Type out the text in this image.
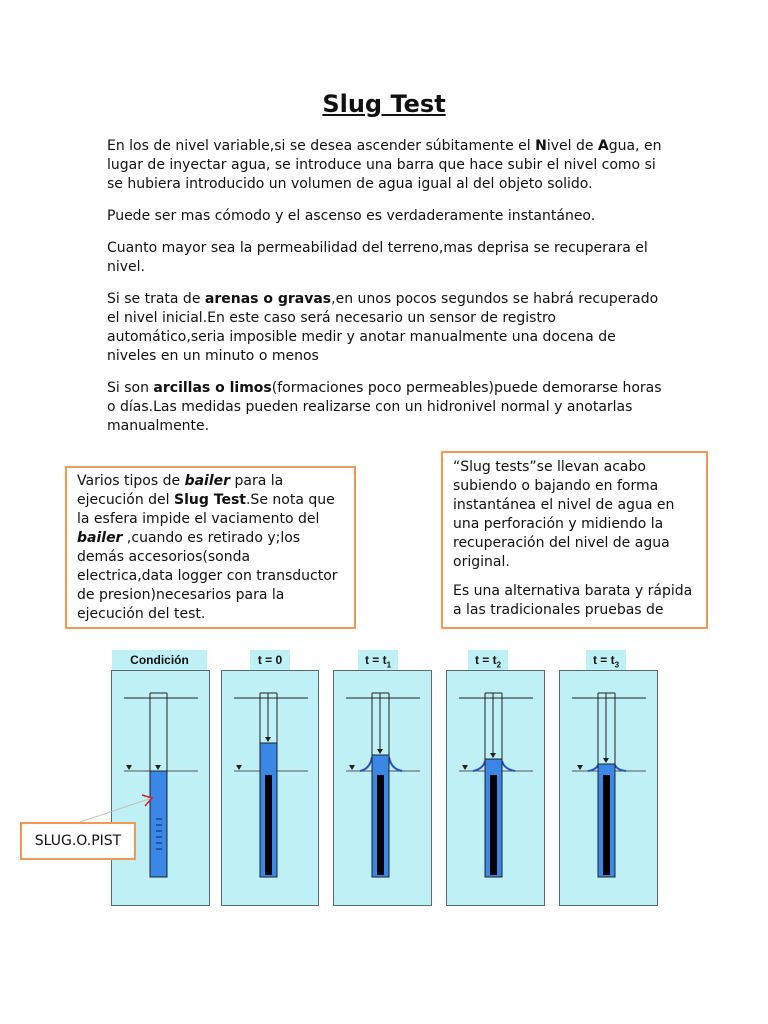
Slug Test
En los de nivel variable,si se desea ascender súbitamente el Nivel de Agua, en lugar de inyectar agua, se introduce una barra que hace subir el nivel como si se hubiera introducido un volumen de agua igual al del objeto solido.
Puede ser mas cómodo y el ascenso es verdaderamente instantáneo.
Cuanto mayor sea la permeabilidad del terreno,mas deprisa se recuperara el nivel.
Si se trata de arenas o gravas,en unos pocos segundos se habrá recuperado el nivel inicial.En este caso será necesario un sensor de registro automático,seria imposible medir y anotar manualmente una docena de niveles en un minuto o menos
Si son arcillas o limos(formaciones poco permeables)puede demorarse horas o días.Las medidas pueden realizarse con un hidronivel normal y anotarlas manualmente.

Varios tipos de bailer para la ejecución del Slug Test.Se nota que la esfera impide el vaciamento del bailer ,cuando es retirado y;los demás accesorios(sonda electrica,data logger con transductor de presion)necesarios para la ejecución del test.

“Slug tests”se llevan acabo subiendo o bajando en forma instantánea el nivel de agua en una perforación y midiendo la recuperación del nivel de agua original.

Es una alternativa barata y rápida a las tradicionales pruebas de

Condición	t = 0	$t = t_1$	$t = t_2$	$t = t_3$
SLUG.O.PIST
